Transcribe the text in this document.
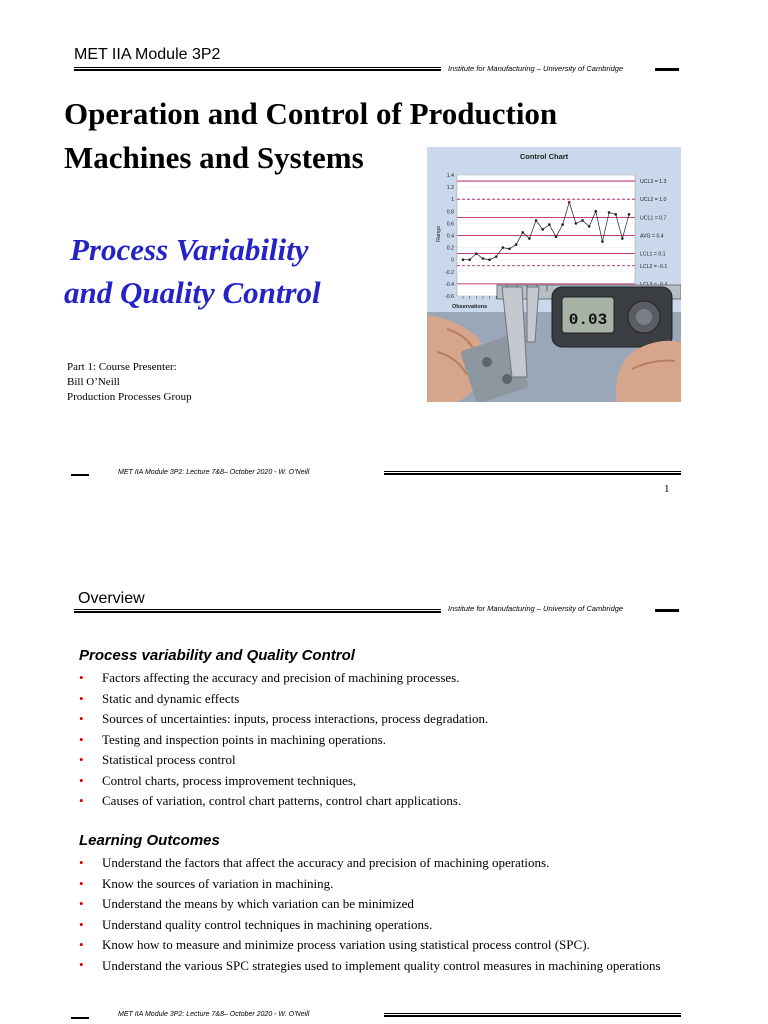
MET IIA Module 3P2
Institute for Manufacturing – University of Cambridge
Operation and Control of Production
Machines and Systems
Process Variability
and Quality Control
Part 1: Course Presenter:
Bill O’Neill
Production Processes Group
Control Chart
Range
Observations
UCL3 = 1.3
UCL2 = 1.0
UCL1 = 0.7
AVG = 0.4
LCL1 = 0.1
LCL2 = -0.1
1.4
1.2
1
0.8
0.6
0.4
0.2
0
-0.2
-0.4
-0.6
0.03
MET IIA Module 3P2: Lecture 7&8– October 2020 - W. O’Neill
1
Overview
Institute for Manufacturing – University of Cambridge
Process variability and Quality Control
• Factors affecting the accuracy and precision of machining processes.
• Static and dynamic effects
• Sources of uncertainties: inputs, process interactions, process degradation.
• Testing and inspection points in machining operations.
• Statistical process control
• Control charts, process improvement techniques,
• Causes of variation, control chart patterns, control chart applications.
Learning Outcomes
• Understand the factors that affect the accuracy and precision of machining operations.
• Know the sources of variation in machining.
• Understand the means by which variation can be minimized
• Understand quality control techniques in machining operations.
• Know how to measure and minimize process variation using statistical process control (SPC).
• Understand the various SPC strategies used to implement quality control measures in machining operations
MET IIA Module 3P2: Lecture 7&8– October 2020 - W. O’Neill
